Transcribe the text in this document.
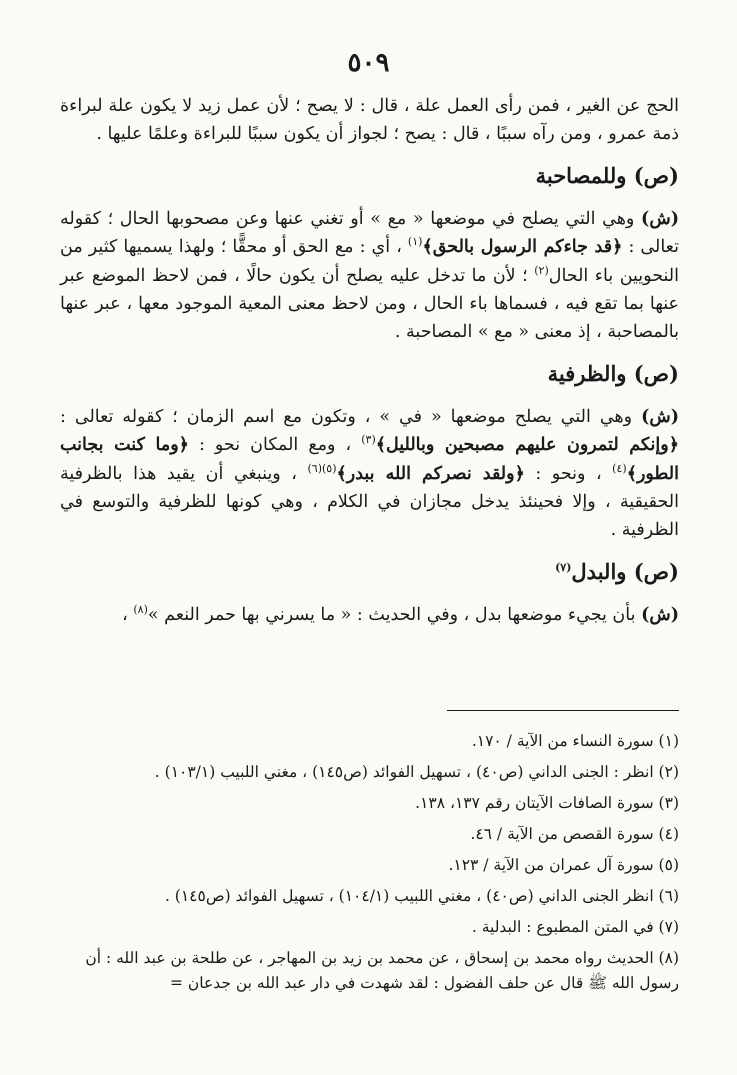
٥٠٩

الحج عن الغير ، فمن رأى العمل علة ، قال : لا يصح ؛ لأن عمل زيد لا يكون علة لبراءة ذمة عمرو ، ومن رآه سببًا ، قال : يصح ؛ لجواز أن يكون سببًا للبراءة وعلمًا عليها .

(ص) وللمصاحبة

(ش) وهي التي يصلح في موضعها « مع » أو تغني عنها وعن مصحوبها الحال ؛ كقوله تعالى : ﴿قد جاءكم الرسول بالحق﴾$^{(١)}$ ، أي : مع الحق أو محقًّا ؛ ولهذا يسميها كثير من النحويين باء الحال$^{(٢)}$ ؛ لأن ما تدخل عليه يصلح أن يكون حالًا ، فمن لاحظ الموضع عبر عنها بما تقع فيه ، فسماها باء الحال ، ومن لاحظ معنى المعية الموجود معها ، عبر عنها بالمصاحبة ، إذ معنى « مع » المصاحبة .

(ص) والظرفية

(ش) وهي التي يصلح موضعها « في » ، وتكون مع اسم الزمان ؛ كقوله تعالى : ﴿وإنكم لتمرون عليهم مصبحين وبالليل﴾$^{(٣)}$ ، ومع المكان نحو : ﴿وما كنت بجانب الطور﴾$^{(٤)}$ ، ونحو : ﴿ولقد نصركم الله ببدر﴾$^{(٥)(٦)}$ ، وينبغي أن يقيد هذا بالظرفية الحقيقية ، وإلا فحينئذ يدخل مجازان في الكلام ، وهي كونها للظرفية والتوسع في الظرفية .

(ص) والبدل$^{(٧)}$

(ش) بأن يجيء موضعها بدل ، وفي الحديث : « ما يسرني بها حمر النعم »$^{(٨)}$ ،

(١) سورة النساء من الآية / ١٧٠.

(٢) انظر : الجنى الداني (ص٤٠) ، تسهيل الفوائد (ص١٤٥) ، مغني اللبيب (١٠٣/١) .

(٣) سورة الصافات الآيتان رقم ١٣٧، ١٣٨.

(٤) سورة القصص من الآية / ٤٦.

(٥) سورة آل عمران من الآية / ١٢٣.

(٦) انظر الجنى الداني (ص٤٠) ، مغني اللبيب (١٠٤/١) ، تسهيل الفوائد (ص١٤٥) .

(٧) في المتن المطبوع : البدلية .

(٨) الحديث رواه محمد بن إسحاق ، عن محمد بن زيد بن المهاجر ، عن طلحة بن عبد الله : أن رسول الله ﷺ قال عن حلف الفضول : لقد شهدت في دار عبد الله بن جدعان =
